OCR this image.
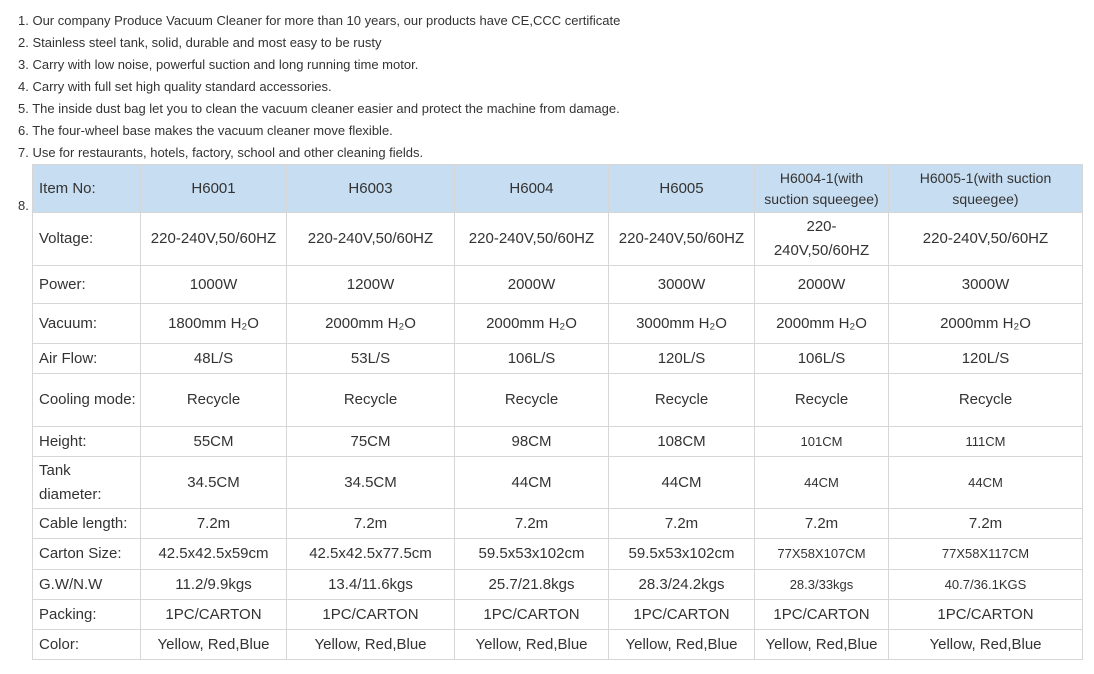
1. Our company Produce Vacuum Cleaner for more than 10 years, our products have CE,CCC certificate
2. Stainless steel tank, solid, durable and most easy to be rusty
3. Carry with low noise, powerful suction and long running time motor.
4. Carry with full set high quality standard accessories.
5. The inside dust bag let you to clean the vacuum cleaner easier and protect the machine from damage.
6. The four-wheel base makes the vacuum cleaner move flexible.
7. Use for restaurants, hotels, factory, school and other cleaning fields.
8.
Item No:	H6001	H6003	H6004	H6005	H6004-1(with suction squeegee)	H6005-1(with suction squeegee)
Voltage:	220-240V,50/60HZ	220-240V,50/60HZ	220-240V,50/60HZ	220-240V,50/60HZ	220-240V,50/60HZ	220-240V,50/60HZ
Power:	1000W	1200W	2000W	3000W	2000W	3000W
Vacuum:	1800mm H₂O	2000mm H₂O	2000mm H₂O	3000mm H₂O	2000mm H₂O	2000mm H₂O
Air Flow:	48L/S	53L/S	106L/S	120L/S	106L/S	120L/S
Cooling mode:	Recycle	Recycle	Recycle	Recycle	Recycle	Recycle
Height:	55CM	75CM	98CM	108CM	101CM	111CM
Tank diameter:	34.5CM	34.5CM	44CM	44CM	44CM	44CM
Cable length:	7.2m	7.2m	7.2m	7.2m	7.2m	7.2m
Carton Size:	42.5x42.5x59cm	42.5x42.5x77.5cm	59.5x53x102cm	59.5x53x102cm	77X58X107CM	77X58X117CM
G.W/N.W	11.2/9.9kgs	13.4/11.6kgs	25.7/21.8kgs	28.3/24.2kgs	28.3/33kgs	40.7/36.1KGS
Packing:	1PC/CARTON	1PC/CARTON	1PC/CARTON	1PC/CARTON	1PC/CARTON	1PC/CARTON
Color:	Yellow, Red,Blue	Yellow, Red,Blue	Yellow, Red,Blue	Yellow, Red,Blue	Yellow, Red,Blue	Yellow, Red,Blue
